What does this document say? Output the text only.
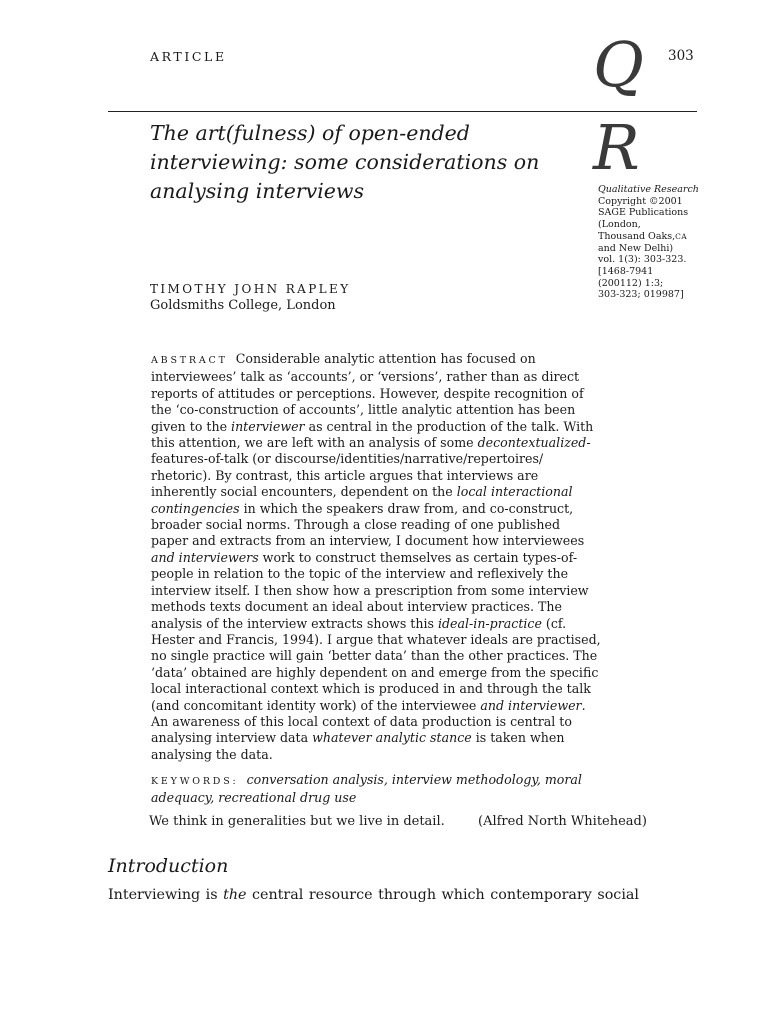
ARTICLE	303
Q
R
The art(fulness) of open-ended
interviewing: some considerations on
analysing interviews	Qualitative Research
Copyright ©2001
SAGE Publications
(London,
Thousand Oaks,CA
and New Delhi)
vol. 1(3): 303-323.
[1468-7941
(200112) 1:3;
303-323; 019987]
TIMOTHY JOHN RAPLEY
Goldsmiths College, London
ABSTRACT Considerable analytic attention has focused on
interviewees’ talk as ‘accounts’, or ‘versions’, rather than as direct
reports of attitudes or perceptions. However, despite recognition of
the ‘co-construction of accounts’, little analytic attention has been
given to the interviewer as central in the production of the talk. With
this attention, we are left with an analysis of some decontextualized-
features-of-talk (or discourse/identities/narrative/repertoires/
rhetoric). By contrast, this article argues that interviews are
inherently social encounters, dependent on the local interactional
contingencies in which the speakers draw from, and co-construct,
broader social norms. Through a close reading of one published
paper and extracts from an interview, I document how interviewees
and interviewers work to construct themselves as certain types-of-
people in relation to the topic of the interview and reflexively the
interview itself. I then show how a prescription from some interview
methods texts document an ideal about interview practices. The
analysis of the interview extracts shows this ideal-in-practice (cf.
Hester and Francis, 1994). I argue that whatever ideals are practised,
no single practice will gain ‘better data’ than the other practices. The
‘data’ obtained are highly dependent on and emerge from the specific
local interactional context which is produced in and through the talk
(and concomitant identity work) of the interviewee and interviewer.
An awareness of this local context of data production is central to
analysing interview data whatever analytic stance is taken when
analysing the data.
KEYWORDS: conversation analysis, interview methodology, moral
adequacy, recreational drug use
We think in generalities but we live in detail.	(Alfred North Whitehead)
Introduction
Interviewing is the central resource through which contemporary social
